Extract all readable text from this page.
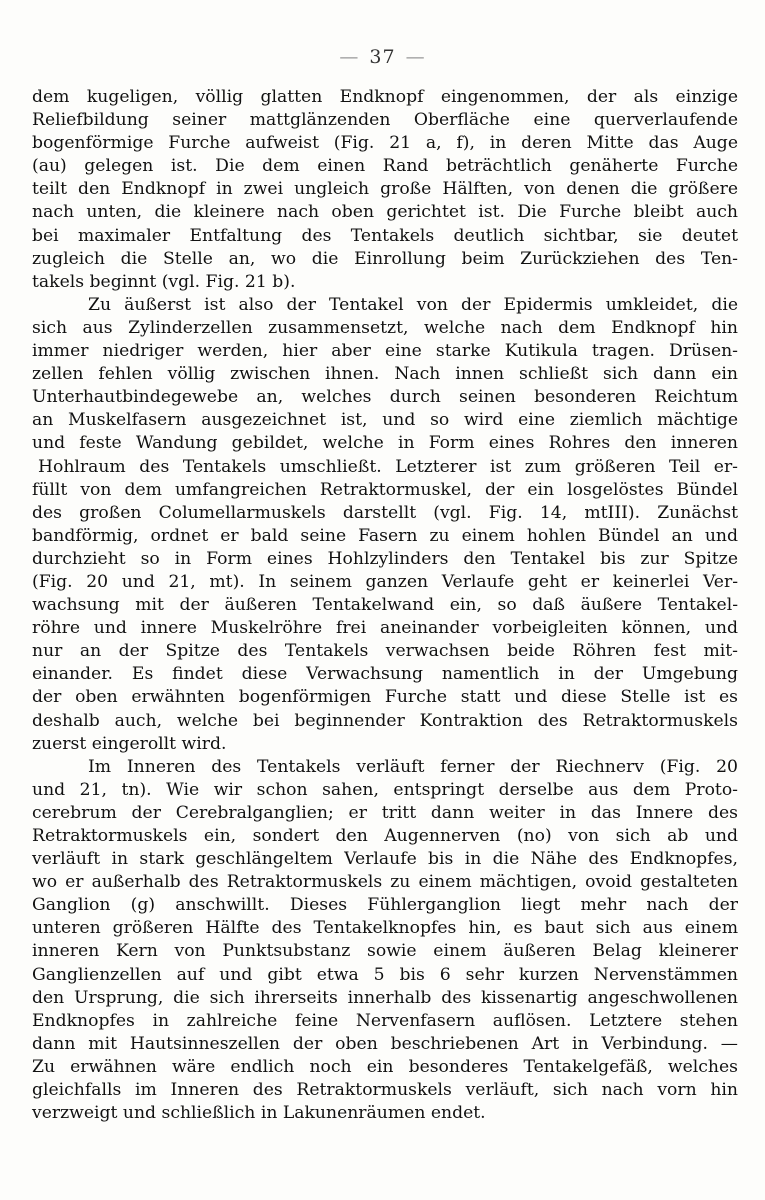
— 37 —
dem kugeligen, völlig glatten Endknopf eingenommen, der als einzige
Reliefbildung seiner mattglänzenden Oberfläche eine querverlaufende
bogenförmige Furche aufweist (Fig. 21 a, f), in deren Mitte das Auge
(au) gelegen ist. Die dem einen Rand beträchtlich genäherte Furche
teilt den Endknopf in zwei ungleich große Hälften, von denen die größere
nach unten, die kleinere nach oben gerichtet ist. Die Furche bleibt auch
bei maximaler Entfaltung des Tentakels deutlich sichtbar, sie deutet
zugleich die Stelle an, wo die Einrollung beim Zurückziehen des Ten-
takels beginnt (vgl. Fig. 21 b).
Zu äußerst ist also der Tentakel von der Epidermis umkleidet, die
sich aus Zylinderzellen zusammensetzt, welche nach dem Endknopf hin
immer niedriger werden, hier aber eine starke Kutikula tragen. Drüsen-
zellen fehlen völlig zwischen ihnen. Nach innen schließt sich dann ein
Unterhautbindegewebe an, welches durch seinen besonderen Reichtum
an Muskelfasern ausgezeichnet ist, und so wird eine ziemlich mächtige
und feste Wandung gebildet, welche in Form eines Rohres den inneren
Hohlraum des Tentakels umschließt. Letzterer ist zum größeren Teil er-
füllt von dem umfangreichen Retraktormuskel, der ein losgelöstes Bündel
des großen Columellarmuskels darstellt (vgl. Fig. 14, mtIII). Zunächst
bandförmig, ordnet er bald seine Fasern zu einem hohlen Bündel an und
durchzieht so in Form eines Hohlzylinders den Tentakel bis zur Spitze
(Fig. 20 und 21, mt). In seinem ganzen Verlaufe geht er keinerlei Ver-
wachsung mit der äußeren Tentakelwand ein, so daß äußere Tentakel-
röhre und innere Muskelröhre frei aneinander vorbeigleiten können, und
nur an der Spitze des Tentakels verwachsen beide Röhren fest mit-
einander. Es findet diese Verwachsung namentlich in der Umgebung
der oben erwähnten bogenförmigen Furche statt und diese Stelle ist es
deshalb auch, welche bei beginnender Kontraktion des Retraktormuskels
zuerst eingerollt wird.
Im Inneren des Tentakels verläuft ferner der Riechnerv (Fig. 20
und 21, tn). Wie wir schon sahen, entspringt derselbe aus dem Proto-
cerebrum der Cerebralganglien; er tritt dann weiter in das Innere des
Retraktormuskels ein, sondert den Augennerven (no) von sich ab und
verläuft in stark geschlängeltem Verlaufe bis in die Nähe des Endknopfes,
wo er außerhalb des Retraktormuskels zu einem mächtigen, ovoid gestalteten
Ganglion (g) anschwillt. Dieses Fühlerganglion liegt mehr nach der
unteren größeren Hälfte des Tentakelknopfes hin, es baut sich aus einem
inneren Kern von Punktsubstanz sowie einem äußeren Belag kleinerer
Ganglienzellen auf und gibt etwa 5 bis 6 sehr kurzen Nervenstämmen
den Ursprung, die sich ihrerseits innerhalb des kissenartig angeschwollenen
Endknopfes in zahlreiche feine Nervenfasern auflösen. Letztere stehen
dann mit Hautsinneszellen der oben beschriebenen Art in Verbindung. —
Zu erwähnen wäre endlich noch ein besonderes Tentakelgefäß, welches
gleichfalls im Inneren des Retraktormuskels verläuft, sich nach vorn hin
verzweigt und schließlich in Lakunenräumen endet.
